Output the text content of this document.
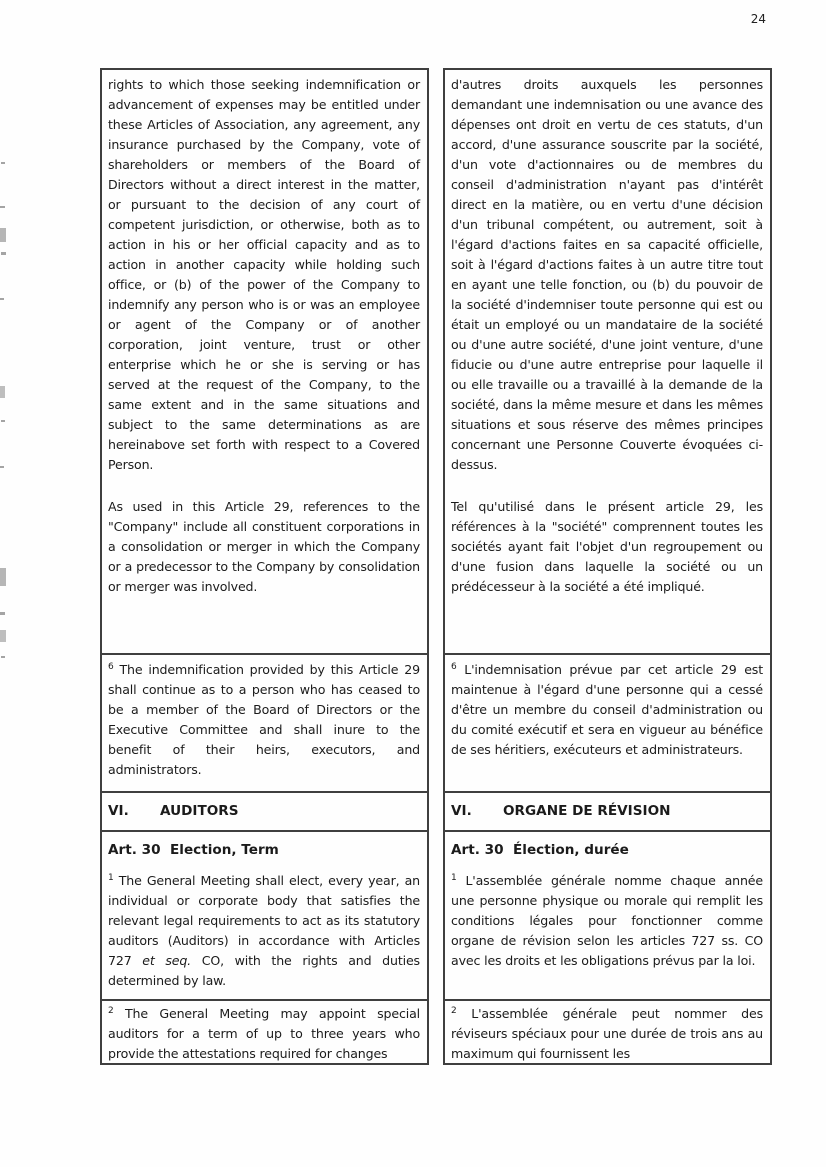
24

rights to which those seeking indemnification or advancement of expenses may be entitled under these Articles of Association, any agreement, any insurance purchased by the Company, vote of shareholders or members of the Board of Directors without a direct interest in the matter, or pursuant to the decision of any court of competent jurisdiction, or otherwise, both as to action in his or her official capacity and as to action in another capacity while holding such office, or (b) of the power of the Company to indemnify any person who is or was an employee or agent of the Company or of another corporation, joint venture, trust or other enterprise which he or she is serving or has served at the request of the Company, to the same extent and in the same situations and subject to the same determinations as are hereinabove set forth with respect to a Covered Person.

As used in this Article 29, references to the "Company" include all constituent corporations in a consolidation or merger in which the Company or a predecessor to the Company by consolidation or merger was involved.

d'autres droits auxquels les personnes demandant une indemnisation ou une avance des dépenses ont droit en vertu de ces statuts, d'un accord, d'une assurance souscrite par la société, d'un vote d'actionnaires ou de membres du conseil d'administration n'ayant pas d'intérêt direct en la matière, ou en vertu d'une décision d'un tribunal compétent, ou autrement, soit à l'égard d'actions faites en sa capacité officielle, soit à l'égard d'actions faites à un autre titre tout en ayant une telle fonction, ou (b) du pouvoir de la société d'indemniser toute personne qui est ou était un employé ou un mandataire de la société ou d'une autre société, d'une joint venture, d'une fiducie ou d'une autre entreprise pour laquelle il ou elle travaille ou a travaillé à la demande de la société, dans la même mesure et dans les mêmes situations et sous réserve des mêmes principes concernant une Personne Couverte évoquées ci-dessus.

Tel qu'utilisé dans le présent article 29, les références à la "société" comprennent toutes les sociétés ayant fait l'objet d'un regroupement ou d'une fusion dans laquelle la société ou un prédécesseur à la société a été impliqué.

$^6$ The indemnification provided by this Article 29 shall continue as to a person who has ceased to be a member of the Board of Directors or the Executive Committee and shall inure to the benefit of their heirs, executors, and administrators.

$^6$ L'indemnisation prévue par cet article 29 est maintenue à l'égard d'une personne qui a cessé d'être un membre du conseil d'administration ou du comité exécutif et sera en vigueur au bénéfice de ses héritiers, exécuteurs et administrateurs.

VI. AUDITORS	VI. ORGANE DE RÉVISION
Art. 30 Election, Term

$^1$ The General Meeting shall elect, every year, an individual or corporate body that satisfies the relevant legal requirements to act as its statutory auditors (Auditors) in accordance with Articles 727 et seq. CO, with the rights and duties determined by law.

Art. 30 Élection, durée

$^1$ L'assemblée générale nomme chaque année une personne physique ou morale qui remplit les conditions légales pour fonctionner comme organe de révision selon les articles 727 ss. CO avec les droits et les obligations prévus par la loi.

$^2$ The General Meeting may appoint special auditors for a term of up to three years who provide the attestations required for changes

$^2$ L'assemblée générale peut nommer des réviseurs spéciaux pour une durée de trois ans au maximum qui fournissent les
